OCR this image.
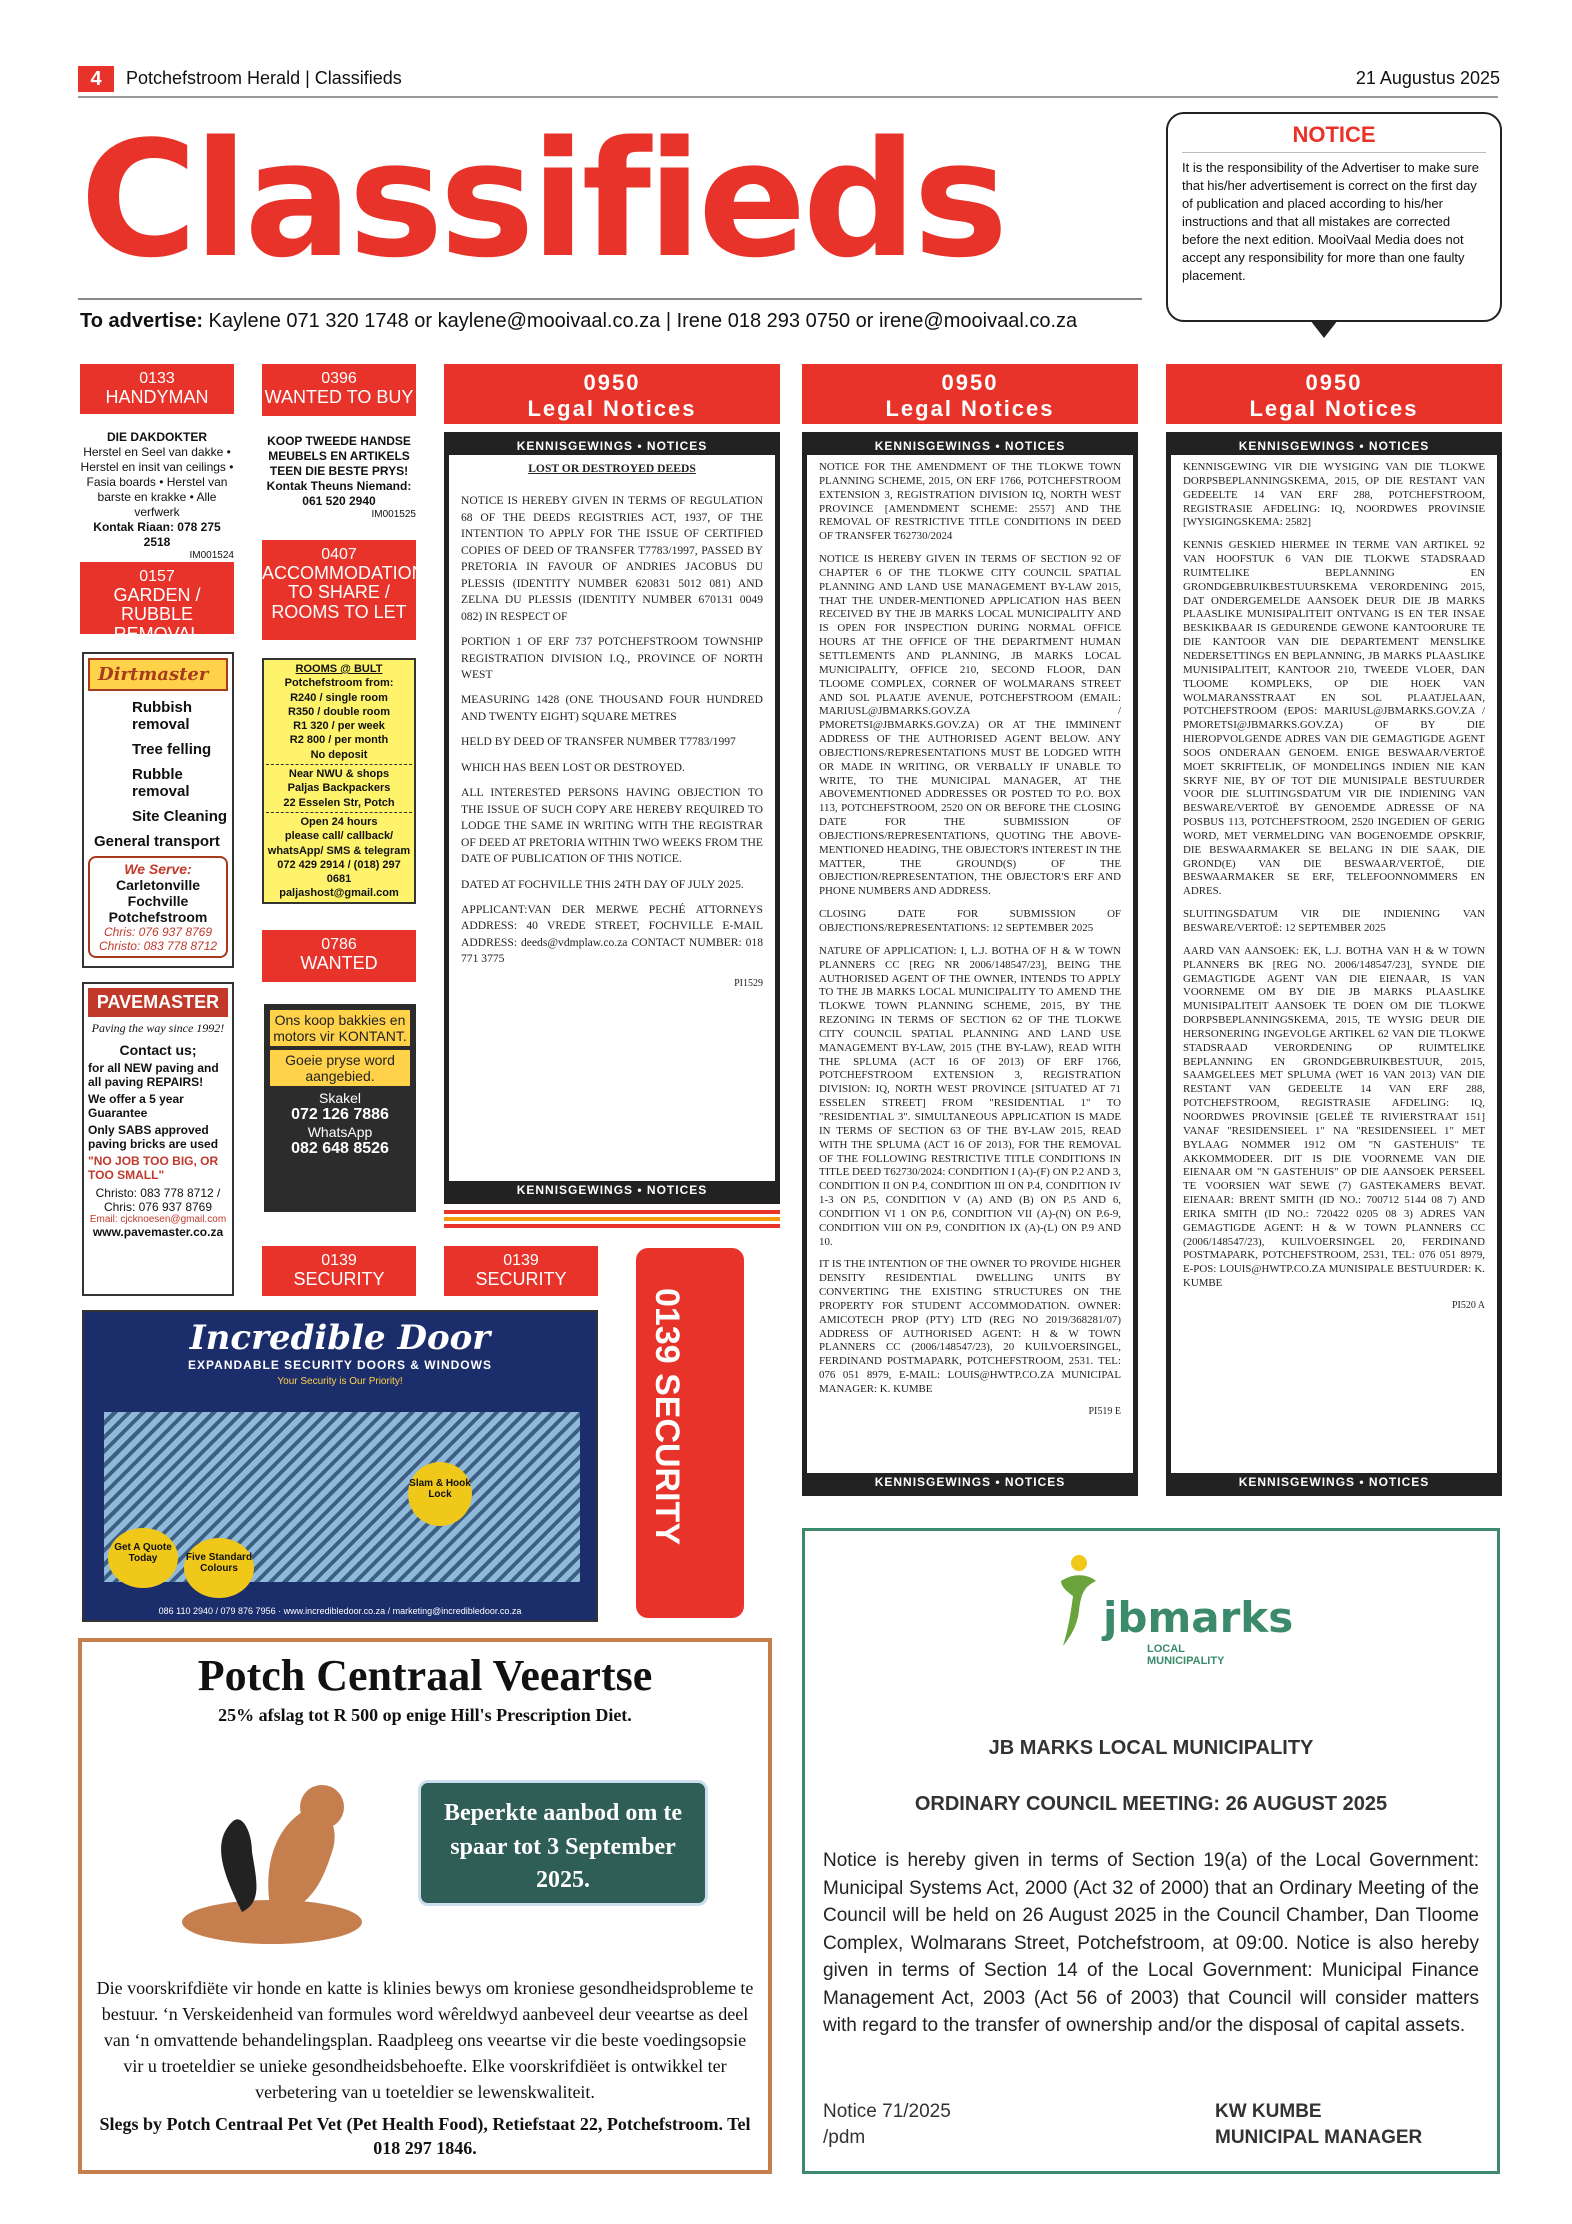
4	Potchefstroom Herald | Classifieds	21 Augustus 2025
Classifieds
To advertise: Kaylene 071 320 1748 or kaylene@mooivaal.co.za | Irene 018 293 0750 or irene@mooivaal.co.za
NOTICE

It is the responsibility of the Advertiser to make sure that his/her advertisement is correct on the first day of publication and placed according to his/her instructions and that all mistakes are corrected before the next edition. MooiVaal Media does not accept any responsibility for more than one faulty placement.

0133
HANDYMAN
DIE DAKDOKTER
Herstel en Seel van dakke • Herstel en insit van ceilings • Fasia boards • Herstel van barste en krakke • Alle verfwerk
Kontak Riaan: 078 275 2518
IM001524
0157
GARDEN / RUBBLE REMOVAL
Dirtmaster
Rubbish removal
Tree felling
Rubble removal
Site Cleaning
General transport
We Serve:
Carletonville
Fochville
Potchefstroom
Chris: 076 937 8769
Christo: 083 778 8712
PAVEMASTER
Paving the way since 1992!
Contact us;
for all NEW paving and all paving REPAIRS!
We offer a 5 year Guarantee
Only SABS approved paving bricks are used
"NO JOB TOO BIG, OR TOO SMALL"
Christo: 083 778 8712 /
Chris: 076 937 8769
Email: cjcknoesen@gmail.com
www.pavemaster.co.za
0396
WANTED TO BUY
KOOP TWEEDE HANDSE MEUBELS EN ARTIKELS TEEN DIE BESTE PRYS!
Kontak Theuns Niemand: 061 520 2940
IM001525
0407
ACCOMMODATION TO SHARE / ROOMS TO LET
ROOMS @ BULT
Potchefstroom from:
R240 / single room
R350 / double room
R1 320 / per week
R2 800 / per month
No deposit
Near NWU & shops
Paljas Backpackers
22 Esselen Str, Potch
Open 24 hours
please call/ callback/ whatsApp/ SMS & telegram
072 429 2914 / (018) 297 0681
paljashost@gmail.com
0786
WANTED
Ons koop bakkies en motors vir KONTANT.
Goeie pryse word aangebied.
Skakel
072 126 7886
WhatsApp
082 648 8526
0139
SECURITY
0139
SECURITY
0950
Legal Notices
KENNISGEWINGS • NOTICES

LOST OR DESTROYED DEEDS

NOTICE IS HEREBY GIVEN IN TERMS OF REGULATION 68 OF THE DEEDS REGISTRIES ACT, 1937, OF THE INTENTION TO APPLY FOR THE ISSUE OF CERTIFIED COPIES OF DEED OF TRANSFER T7783/1997, PASSED BY PRETORIA IN FAVOUR OF ANDRIES JACOBUS DU PLESSIS (IDENTITY NUMBER 620831 5012 081) AND ZELNA DU PLESSIS (IDENTITY NUMBER 670131 0049 082) IN RESPECT OF

PORTION 1 OF ERF 737 POTCHEFSTROOM TOWNSHIP REGISTRATION DIVISION I.Q., PROVINCE OF NORTH WEST

MEASURING 1428 (ONE THOUSAND FOUR HUNDRED AND TWENTY EIGHT) SQUARE METRES

HELD BY DEED OF TRANSFER NUMBER T7783/1997

WHICH HAS BEEN LOST OR DESTROYED.

ALL INTERESTED PERSONS HAVING OBJECTION TO THE ISSUE OF SUCH COPY ARE HEREBY REQUIRED TO LODGE THE SAME IN WRITING WITH THE REGISTRAR OF DEED AT PRETORIA WITHIN TWO WEEKS FROM THE DATE OF PUBLICATION OF THIS NOTICE.

DATED AT FOCHVILLE THIS 24TH DAY OF JULY 2025.

APPLICANT:VAN DER MERWE PECHÉ ATTORNEYS ADDRESS: 40 VREDE STREET, FOCHVILLE E-MAIL ADDRESS: deeds@vdmplaw.co.za CONTACT NUMBER: 018 771 3775

PI1529
KENNISGEWINGS • NOTICES
0950
Legal Notices
KENNISGEWINGS • NOTICES

NOTICE FOR THE AMENDMENT OF THE TLOKWE TOWN PLANNING SCHEME, 2015, ON ERF 1766, POTCHEFSTROOM EXTENSION 3, REGISTRATION DIVISION IQ, NORTH WEST PROVINCE [AMENDMENT SCHEME: 2557] AND THE REMOVAL OF RESTRICTIVE TITLE CONDITIONS IN DEED OF TRANSFER T62730/2024

NOTICE IS HEREBY GIVEN IN TERMS OF SECTION 92 OF CHAPTER 6 OF THE TLOKWE CITY COUNCIL SPATIAL PLANNING AND LAND USE MANAGEMENT BY-LAW 2015, THAT THE UNDER-MENTIONED APPLICATION HAS BEEN RECEIVED BY THE JB MARKS LOCAL MUNICIPALITY AND IS OPEN FOR INSPECTION DURING NORMAL OFFICE HOURS AT THE OFFICE OF THE DEPARTMENT HUMAN SETTLEMENTS AND PLANNING, JB MARKS LOCAL MUNICIPALITY, OFFICE 210, SECOND FLOOR, DAN TLOOME COMPLEX, CORNER OF WOLMARANS STREET AND SOL PLAATJE AVENUE, POTCHEFSTROOM (EMAIL: MARIUSL@JBMARKS.GOV.ZA / PMORETSI@JBMARKS.GOV.ZA) OR AT THE IMMINENT ADDRESS OF THE AUTHORISED AGENT BELOW. ANY OBJECTIONS/REPRESENTATIONS MUST BE LODGED WITH OR MADE IN WRITING, OR VERBALLY IF UNABLE TO WRITE, TO THE MUNICIPAL MANAGER, AT THE ABOVEMENTIONED ADDRESSES OR POSTED TO P.O. BOX 113, POTCHEFSTROOM, 2520 ON OR BEFORE THE CLOSING DATE FOR THE SUBMISSION OF OBJECTIONS/REPRESENTATIONS, QUOTING THE ABOVE-MENTIONED HEADING, THE OBJECTOR'S INTEREST IN THE MATTER, THE GROUND(S) OF THE OBJECTION/REPRESENTATION, THE OBJECTOR'S ERF AND PHONE NUMBERS AND ADDRESS.

CLOSING DATE FOR SUBMISSION OF OBJECTIONS/REPRESENTATIONS: 12 SEPTEMBER 2025

NATURE OF APPLICATION: I, L.J. BOTHA OF H & W TOWN PLANNERS CC [REG NR 2006/148547/23], BEING THE AUTHORISED AGENT OF THE OWNER, INTENDS TO APPLY TO THE JB MARKS LOCAL MUNICIPALITY TO AMEND THE TLOKWE TOWN PLANNING SCHEME, 2015, BY THE REZONING IN TERMS OF SECTION 62 OF THE TLOKWE CITY COUNCIL SPATIAL PLANNING AND LAND USE MANAGEMENT BY-LAW, 2015 (THE BY-LAW), READ WITH THE SPLUMA (ACT 16 OF 2013) OF ERF 1766, POTCHEFSTROOM EXTENSION 3, REGISTRATION DIVISION: IQ, NORTH WEST PROVINCE [SITUATED AT 71 ESSELEN STREET] FROM "RESIDENTIAL 1" TO "RESIDENTIAL 3". SIMULTANEOUS APPLICATION IS MADE IN TERMS OF SECTION 63 OF THE BY-LAW 2015, READ WITH THE SPLUMA (ACT 16 OF 2013), FOR THE REMOVAL OF THE FOLLOWING RESTRICTIVE TITLE CONDITIONS IN TITLE DEED T62730/2024: CONDITION I (A)-(F) ON P.2 AND 3, CONDITION II ON P.4, CONDITION III ON P.4, CONDITION IV 1-3 ON P.5, CONDITION V (A) AND (B) ON P.5 AND 6, CONDITION VI 1 ON P.6, CONDITION VII (A)-(N) ON P.6-9, CONDITION VIII ON P.9, CONDITION IX (A)-(L) ON P.9 AND 10.

IT IS THE INTENTION OF THE OWNER TO PROVIDE HIGHER DENSITY RESIDENTIAL DWELLING UNITS BY CONVERTING THE EXISTING STRUCTURES ON THE PROPERTY FOR STUDENT ACCOMMODATION. OWNER: AMICOTECH PROP (PTY) LTD (REG NO 2019/368281/07) ADDRESS OF AUTHORISED AGENT: H & W TOWN PLANNERS CC (2006/148547/23), 20 KUILVOERSINGEL, FERDINAND POSTMAPARK, POTCHEFSTROOM, 2531. TEL: 076 051 8979, E-MAIL: LOUIS@HWTP.CO.ZA MUNICIPAL MANAGER: K. KUMBE

PI519 E
KENNISGEWINGS • NOTICES
0950
Legal Notices
KENNISGEWINGS • NOTICES

KENNISGEWING VIR DIE WYSIGING VAN DIE TLOKWE DORPSBEPLANNINGSKEMA, 2015, OP DIE RESTANT VAN GEDEELTE 14 VAN ERF 288, POTCHEFSTROOM, REGISTRASIE AFDELING: IQ, NOORDWES PROVINSIE [WYSIGINGSKEMA: 2582]

KENNIS GESKIED HIERMEE IN TERME VAN ARTIKEL 92 VAN HOOFSTUK 6 VAN DIE TLOKWE STADSRAAD RUIMTELIKE BEPLANNING EN GRONDGEBRUIKBESTUURSKEMA VERORDENING 2015, DAT ONDERGEMELDE AANSOEK DEUR DIE JB MARKS PLAASLIKE MUNISIPALITEIT ONTVANG IS EN TER INSAE BESKIKBAAR IS GEDURENDE GEWONE KANTOORURE TE DIE KANTOOR VAN DIE DEPARTEMENT MENSLIKE NEDERSETTINGS EN BEPLANNING, JB MARKS PLAASLIKE MUNISIPALITEIT, KANTOOR 210, TWEEDE VLOER, DAN TLOOME KOMPLEKS, OP DIE HOEK VAN WOLMARANSSTRAAT EN SOL PLAATJELAAN, POTCHEFSTROOM (EPOS: MARIUSL@JBMARKS.GOV.ZA / PMORETSI@JBMARKS.GOV.ZA) OF BY DIE HIEROPVOLGENDE ADRES VAN DIE GEMAGTIGDE AGENT SOOS ONDERAAN GENOEM. ENIGE BESWAAR/VERTOË MOET SKRIFTELIK, OF MONDELINGS INDIEN NIE KAN SKRYF NIE, BY OF TOT DIE MUNISIPALE BESTUURDER VOOR DIE SLUITINGSDATUM VIR DIE INDIENING VAN BESWARE/VERTOË BY GENOEMDE ADRESSE OF NA POSBUS 113, POTCHEFSTROOM, 2520 INGEDIEN OF GERIG WORD, MET VERMELDING VAN BOGENOEMDE OPSKRIF, DIE BESWAARMAKER SE BELANG IN DIE SAAK, DIE GROND(E) VAN DIE BESWAAR/VERTOË, DIE BESWAARMAKER SE ERF, TELEFOONNOMMERS EN ADRES.

SLUITINGSDATUM VIR DIE INDIENING VAN BESWARE/VERTOË: 12 SEPTEMBER 2025

AARD VAN AANSOEK: EK, L.J. BOTHA VAN H & W TOWN PLANNERS BK [REG NO. 2006/148547/23], SYNDE DIE GEMAGTIGDE AGENT VAN DIE EIENAAR, IS VAN VOORNEME OM BY DIE JB MARKS PLAASLIKE MUNISIPALITEIT AANSOEK TE DOEN OM DIE TLOKWE DORPSBEPLANNINGSKEMA, 2015, TE WYSIG DEUR DIE HERSONERING INGEVOLGE ARTIKEL 62 VAN DIE TLOKWE STADSRAAD VERORDENING OP RUIMTELIKE BEPLANNING EN GRONDGEBRUIKBESTUUR, 2015, SAAMGELEES MET SPLUMA (WET 16 VAN 2013) VAN DIE RESTANT VAN GEDEELTE 14 VAN ERF 288, POTCHEFSTROOM, REGISTRASIE AFDELING: IQ, NOORDWES PROVINSIE [GELEË TE RIVIERSTRAAT 151] VANAF "RESIDENSIEEL 1" NA "RESIDENSIEEL 1" MET BYLAAG NOMMER 1912 OM "N GASTEHUIS" TE AKKOMMODEER. DIT IS DIE VOORNEME VAN DIE EIENAAR OM "N GASTEHUIS" OP DIE AANSOEK PERSEEL TE VOORSIEN WAT SEWE (7) GASTEKAMERS BEVAT. EIENAAR: BRENT SMITH (ID NO.: 700712 5144 08 7) AND ERIKA SMITH (ID NO.: 720422 0205 08 3) ADRES VAN GEMAGTIGDE AGENT: H & W TOWN PLANNERS CC (2006/148547/23), KUILVOERSINGEL 20, FERDINAND POSTMAPARK, POTCHEFSTROOM, 2531, TEL: 076 051 8979, E-POS: LOUIS@HWTP.CO.ZA MUNISIPALE BESTUURDER: K. KUMBE

PI520 A
KENNISGEWINGS • NOTICES
Incredible Door
EXPANDABLE SECURITY DOORS & WINDOWS
Your Security is Our Priority!
Get A Quote Today	Five Standard Colours
Slam & Hook Lock
086 110 2940 / 079 876 7956 · www.incredibledoor.co.za / marketing@incredibledoor.co.za
0139 SECURITY
Potch Centraal Veeartse
25% afslag tot R 500 op enige Hill's Prescription Diet.
Beperkte aanbod om te spaar tot 3 September 2025.
Die voorskrifdiëte vir honde en katte is klinies bewys om kroniese gesondheidsprobleme te bestuur. ‘n Verskeidenheid van formules word wêreldwyd aanbeveel deur veeartse as deel van ‘n omvattende behandelingsplan. Raadpleeg ons veeartse vir die beste voedingsopsie vir u troeteldier se unieke gesondheidsbehoefte. Elke voorskrifdiëet is ontwikkel ter verbetering van u toeteldier se lewenskwaliteit.
Slegs by Potch Centraal Pet Vet (Pet Health Food), Retiefstaat 22, Potchefstroom. Tel 018 297 1846.
jbmarks
LOCAL MUNICIPALITY
JB MARKS LOCAL MUNICIPALITY
ORDINARY COUNCIL MEETING: 26 AUGUST 2025
Notice is hereby given in terms of Section 19(a) of the Local Government: Municipal Systems Act, 2000 (Act 32 of 2000) that an Ordinary Meeting of the Council will be held on 26 August 2025 in the Council Chamber, Dan Tloome Complex, Wolmarans Street, Potchefstroom, at 09:00. Notice is also hereby given in terms of Section 14 of the Local Government: Municipal Finance Management Act, 2003 (Act 56 of 2003) that Council will consider matters with regard to the transfer of ownership and/or the disposal of capital assets.
Notice 71/2025
/pdm
KW KUMBE
MUNICIPAL MANAGER
